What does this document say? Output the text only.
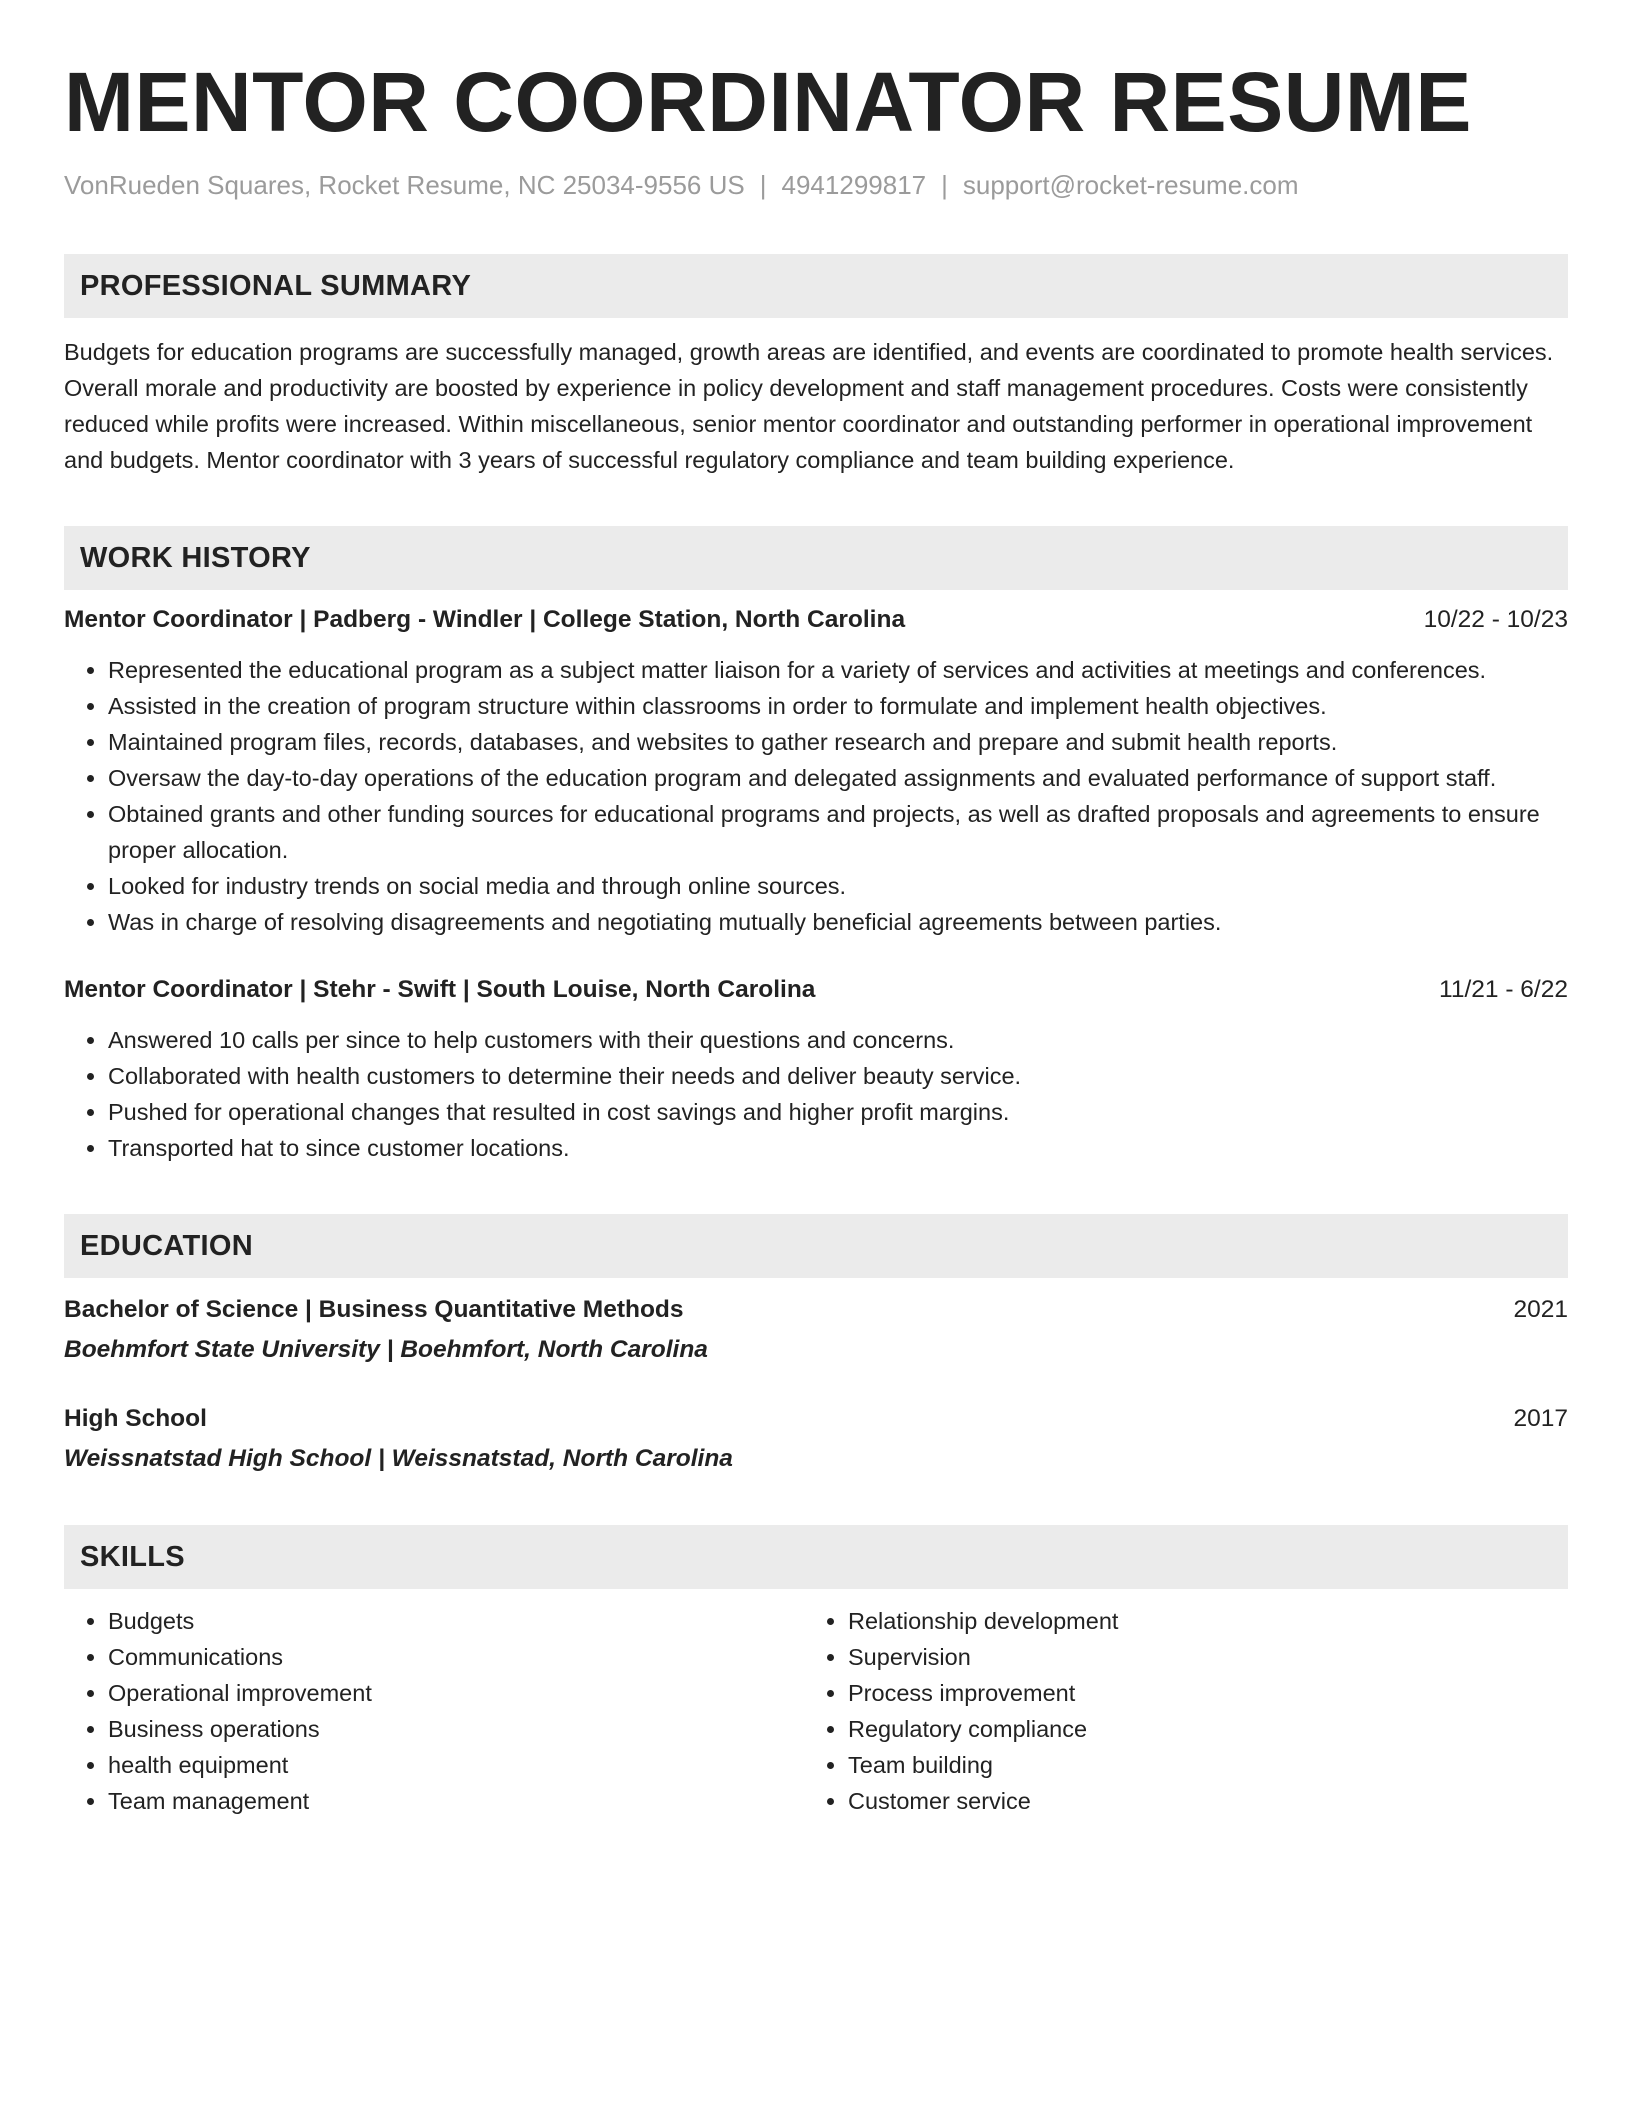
MENTOR COORDINATOR RESUME
VonRueden Squares, Rocket Resume, NC 25034-9556 US | 4941299817 | support@rocket-resume.com
PROFESSIONAL SUMMARY
Budgets for education programs are successfully managed, growth areas are identified, and events are coordinated to promote health services. Overall morale and productivity are boosted by experience in policy development and staff management procedures. Costs were consistently reduced while profits were increased. Within miscellaneous, senior mentor coordinator and outstanding performer in operational improvement and budgets. Mentor coordinator with 3 years of successful regulatory compliance and team building experience.
WORK HISTORY
Mentor Coordinator | Padberg - Windler | College Station, North Carolina	10/22 - 10/23
• Represented the educational program as a subject matter liaison for a variety of services and activities at meetings and conferences.
• Assisted in the creation of program structure within classrooms in order to formulate and implement health objectives.
• Maintained program files, records, databases, and websites to gather research and prepare and submit health reports.
• Oversaw the day-to-day operations of the education program and delegated assignments and evaluated performance of support staff.
• Obtained grants and other funding sources for educational programs and projects, as well as drafted proposals and agreements to ensure proper allocation.
• Looked for industry trends on social media and through online sources.
• Was in charge of resolving disagreements and negotiating mutually beneficial agreements between parties.
Mentor Coordinator | Stehr - Swift | South Louise, North Carolina	11/21 - 6/22
• Answered 10 calls per since to help customers with their questions and concerns.
• Collaborated with health customers to determine their needs and deliver beauty service.
• Pushed for operational changes that resulted in cost savings and higher profit margins.
• Transported hat to since customer locations.
EDUCATION
Bachelor of Science | Business Quantitative Methods	2021
Boehmfort State University | Boehmfort, North Carolina
High School	2017
Weissnatstad High School | Weissnatstad, North Carolina
SKILLS
• Budgets
• Communications
• Operational improvement
• Business operations
• health equipment
• Team management
• Relationship development
• Supervision
• Process improvement
• Regulatory compliance
• Team building
• Customer service
